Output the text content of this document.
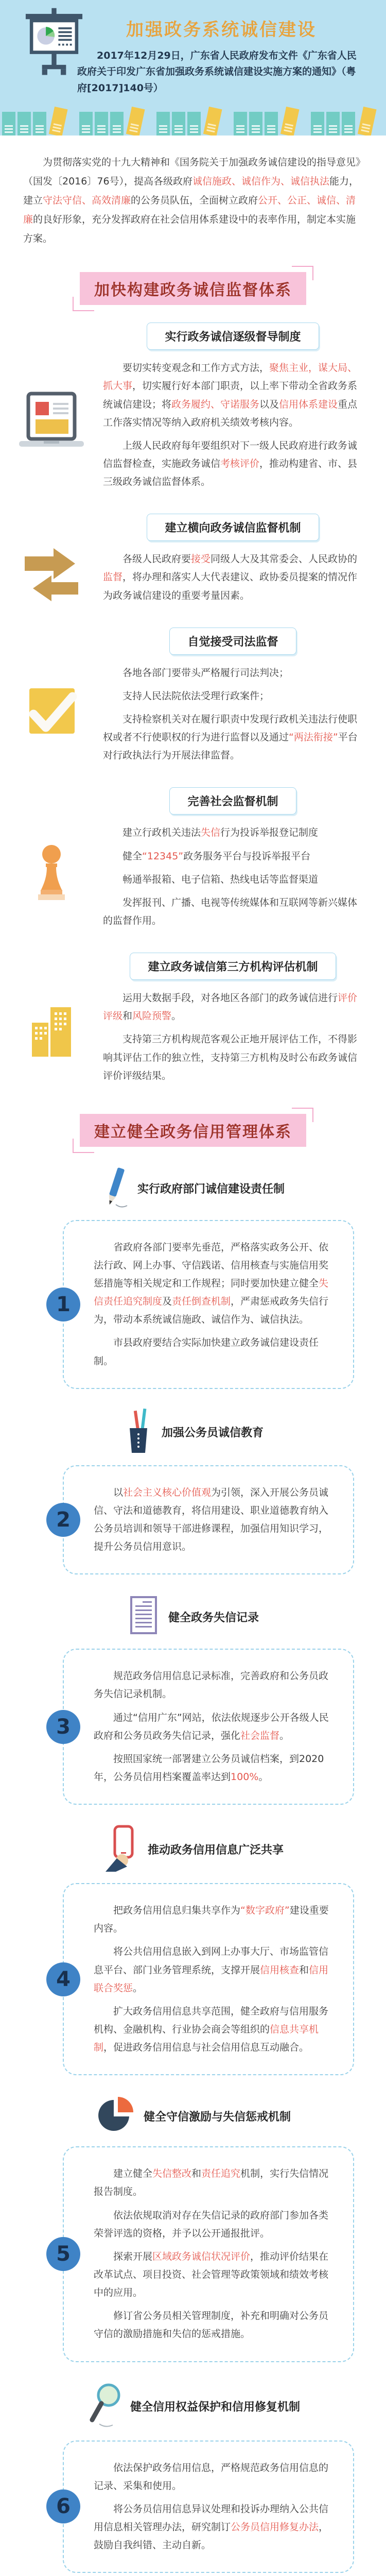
加强政务系统诚信建设
2017年12月29日，广东省人民政府发布文件《广东省人民政府关于印发广东省加强政务系统诚信建设实施方案的通知》（粤府[2017]140号）

为贯彻落实党的十九大精神和《国务院关于加强政务诚信建设的指导意见》（国发〔2016〕76号），提高各级政府诚信施政、诚信作为、诚信执法能力，建立守法守信、高效清廉的公务员队伍，全面树立政府公开、公正、诚信、清廉的良好形象，充分发挥政府在社会信用体系建设中的表率作用，制定本实施方案。

加快构建政务诚信监督体系
实行政务诚信逐级督导制度

要切实转变观念和工作方式方法，聚焦主业，谋大局、抓大事，切实履行好本部门职责，以上率下带动全省政务系统诚信建设；将政务履约、守诺服务以及信用体系建设重点工作落实情况等纳入政府机关绩效考核内容。

上级人民政府每年要组织对下一级人民政府进行政务诚信监督检查，实施政务诚信考核评价，推动构建省、市、县三级政务诚信监督体系。

建立横向政务诚信监督机制

各级人民政府要接受同级人大及其常委会、人民政协的监督，将办理和落实人大代表建议、政协委员提案的情况作为政务诚信建设的重要考量因素。

自觉接受司法监督

各地各部门要带头严格履行司法判决；

支持人民法院依法受理行政案件；

支持检察机关对在履行职责中发现行政机关违法行使职权或者不行使职权的行为进行监督以及通过“两法衔接”平台对行政执法行为开展法律监督。

完善社会监督机制

建立行政机关违法失信行为投诉举报登记制度

健全“12345”政务服务平台与投诉举报平台

畅通举报箱、电子信箱、热线电话等监督渠道

发挥报刊、广播、电视等传统媒体和互联网等新兴媒体的监督作用。

建立政务诚信第三方机构评估机制

运用大数据手段，对各地区各部门的政务诚信进行评价评级和风险预警。

支持第三方机构规范客观公正地开展评估工作，不得影响其评估工作的独立性，支持第三方机构及时公布政务诚信评价评级结果。

建立健全政务信用管理体系
实行政府部门诚信建设责任制
1

省政府各部门要率先垂范，严格落实政务公开、依法行政、网上办事、守信践诺、信用核查与实施信用奖惩措施等相关规定和工作规程；同时要加快建立健全失信责任追究制度及责任倒查机制，严肃惩戒政务失信行为，带动本系统诚信施政、诚信作为、诚信执法。

市县政府要结合实际加快建立政务诚信建设责任制。

加强公务员诚信教育
2

以社会主义核心价值观为引领，深入开展公务员诚信、守法和道德教育，将信用建设、职业道德教育纳入公务员培训和领导干部进修课程，加强信用知识学习，提升公务员信用意识。

健全政务失信记录
3

规范政务信用信息记录标准，完善政府和公务员政务失信记录机制。

通过“信用广东”网站，依法依规逐步公开各级人民政府和公务员政务失信记录，强化社会监督。

按照国家统一部署建立公务员诚信档案，到2020年，公务员信用档案覆盖率达到100%。

推动政务信用信息广泛共享
4

把政务信用信息归集共享作为“数字政府”建设重要内容。

将公共信用信息嵌入到网上办事大厅、市场监管信息平台、部门业务管理系统，支撑开展信用核查和信用联合奖惩。

扩大政务信用信息共享范围，健全政府与信用服务机构、金融机构、行业协会商会等组织的信息共享机制，促进政务信用信息与社会信用信息互动融合。

健全守信激励与失信惩戒机制
5

建立健全失信整改和责任追究机制，实行失信情况报告制度。

依法依规取消对存在失信记录的政府部门参加各类荣誉评选的资格，并予以公开通报批评。

探索开展区域政务诚信状况评价，推动评价结果在改革试点、项目投资、社会管理等政策领域和绩效考核中的应用。

修订省公务员相关管理制度，补充和明确对公务员守信的激励措施和失信的惩戒措施。

健全信用权益保护和信用修复机制
6

依法保护政务信用信息，严格规范政务信用信息的记录、采集和使用。

将公务员信用信息异议处理和投诉办理纳入公共信用信息相关管理办法，研究制订公务员信用修复办法，鼓励自我纠错、主动自新。
